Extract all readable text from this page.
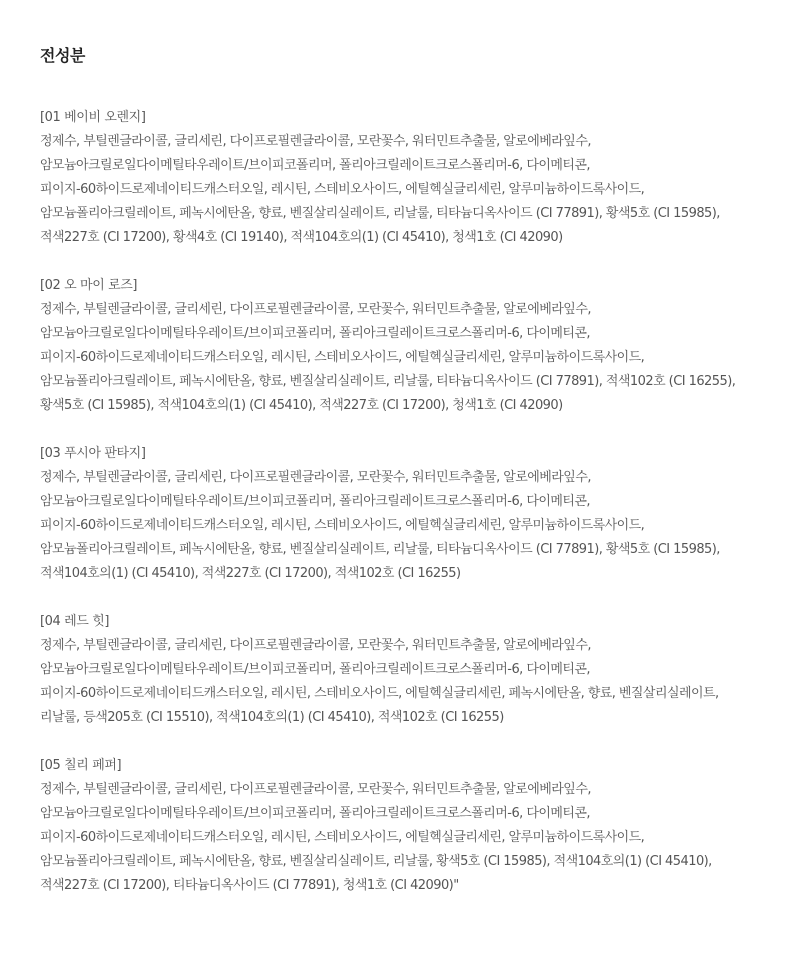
전성분
[01 베이비 오렌지]
정제수, 부틸렌글라이콜, 글리세린, 다이프로필렌글라이콜, 모란꽃수, 워터민트추출물, 알로에베라잎수,
암모늄아크릴로일다이메틸타우레이트/브이피코폴리머, 폴리아크릴레이트크로스폴리머-6, 다이메티콘,
피이지-60하이드로제네이티드캐스터오일, 레시틴, 스테비오사이드, 에틸헥실글리세린, 알루미늄하이드록사이드,
암모늄폴리아크릴레이트, 페녹시에탄올, 향료, 벤질살리실레이트, 리날룰, 티타늄디옥사이드 (CI 77891), 황색5호 (CI 15985),
적색227호 (CI 17200), 황색4호 (CI 19140), 적색104호의(1) (CI 45410), 청색1호 (CI 42090)
[02 오 마이 로즈]
정제수, 부틸렌글라이콜, 글리세린, 다이프로필렌글라이콜, 모란꽃수, 워터민트추출물, 알로에베라잎수,
암모늄아크릴로일다이메틸타우레이트/브이피코폴리머, 폴리아크릴레이트크로스폴리머-6, 다이메티콘,
피이지-60하이드로제네이티드캐스터오일, 레시틴, 스테비오사이드, 에틸헥실글리세린, 알루미늄하이드록사이드,
암모늄폴리아크릴레이트, 페녹시에탄올, 향료, 벤질살리실레이트, 리날룰, 티타늄디옥사이드 (CI 77891), 적색102호 (CI 16255),
황색5호 (CI 15985), 적색104호의(1) (CI 45410), 적색227호 (CI 17200), 청색1호 (CI 42090)
[03 푸시아 판타지]
정제수, 부틸렌글라이콜, 글리세린, 다이프로필렌글라이콜, 모란꽃수, 워터민트추출물, 알로에베라잎수,
암모늄아크릴로일다이메틸타우레이트/브이피코폴리머, 폴리아크릴레이트크로스폴리머-6, 다이메티콘,
피이지-60하이드로제네이티드캐스터오일, 레시틴, 스테비오사이드, 에틸헥실글리세린, 알루미늄하이드록사이드,
암모늄폴리아크릴레이트, 페녹시에탄올, 향료, 벤질살리실레이트, 리날룰, 티타늄디옥사이드 (CI 77891), 황색5호 (CI 15985),
적색104호의(1) (CI 45410), 적색227호 (CI 17200), 적색102호 (CI 16255)
[04 레드 힛]
정제수, 부틸렌글라이콜, 글리세린, 다이프로필렌글라이콜, 모란꽃수, 워터민트추출물, 알로에베라잎수,
암모늄아크릴로일다이메틸타우레이트/브이피코폴리머, 폴리아크릴레이트크로스폴리머-6, 다이메티콘,
피이지-60하이드로제네이티드캐스터오일, 레시틴, 스테비오사이드, 에틸헥실글리세린, 페녹시에탄올, 향료, 벤질살리실레이트,
리날룰, 등색205호 (CI 15510), 적색104호의(1) (CI 45410), 적색102호 (CI 16255)
[05 칠리 페퍼]
정제수, 부틸렌글라이콜, 글리세린, 다이프로필렌글라이콜, 모란꽃수, 워터민트추출물, 알로에베라잎수,
암모늄아크릴로일다이메틸타우레이트/브이피코폴리머, 폴리아크릴레이트크로스폴리머-6, 다이메티콘,
피이지-60하이드로제네이티드캐스터오일, 레시틴, 스테비오사이드, 에틸헥실글리세린, 알루미늄하이드록사이드,
암모늄폴리아크릴레이트, 페녹시에탄올, 향료, 벤질살리실레이트, 리날룰, 황색5호 (CI 15985), 적색104호의(1) (CI 45410),
적색227호 (CI 17200), 티타늄디옥사이드 (CI 77891), 청색1호 (CI 42090)"
